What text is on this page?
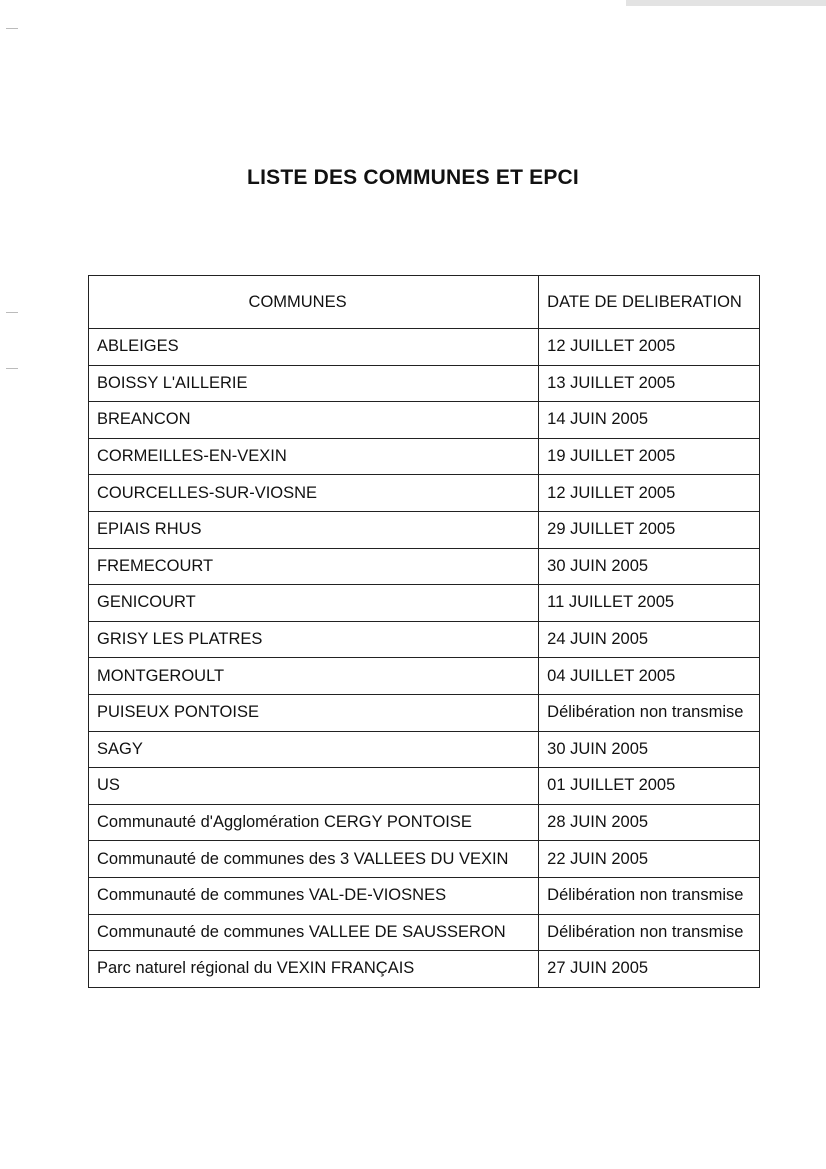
LISTE DES COMMUNES ET EPCI
COMMUNES	DATE DE DELIBERATION
ABLEIGES	12 JUILLET 2005
BOISSY L'AILLERIE	13 JUILLET 2005
BREANCON	14 JUIN 2005
CORMEILLES-EN-VEXIN	19 JUILLET 2005
COURCELLES-SUR-VIOSNE	12 JUILLET 2005
EPIAIS RHUS	29 JUILLET 2005
FREMECOURT	30 JUIN 2005
GENICOURT	11 JUILLET 2005
GRISY LES PLATRES	24 JUIN 2005
MONTGEROULT	04 JUILLET 2005
PUISEUX PONTOISE	Délibération non transmise
SAGY	30 JUIN 2005
US	01 JUILLET 2005
Communauté d'Agglomération CERGY PONTOISE	28 JUIN 2005
Communauté de communes des 3 VALLEES DU VEXIN	22 JUIN 2005
Communauté de communes VAL-DE-VIOSNES	Délibération non transmise
Communauté de communes VALLEE DE SAUSSERON	Délibération non transmise
Parc naturel régional du VEXIN FRANÇAIS	27 JUIN 2005
